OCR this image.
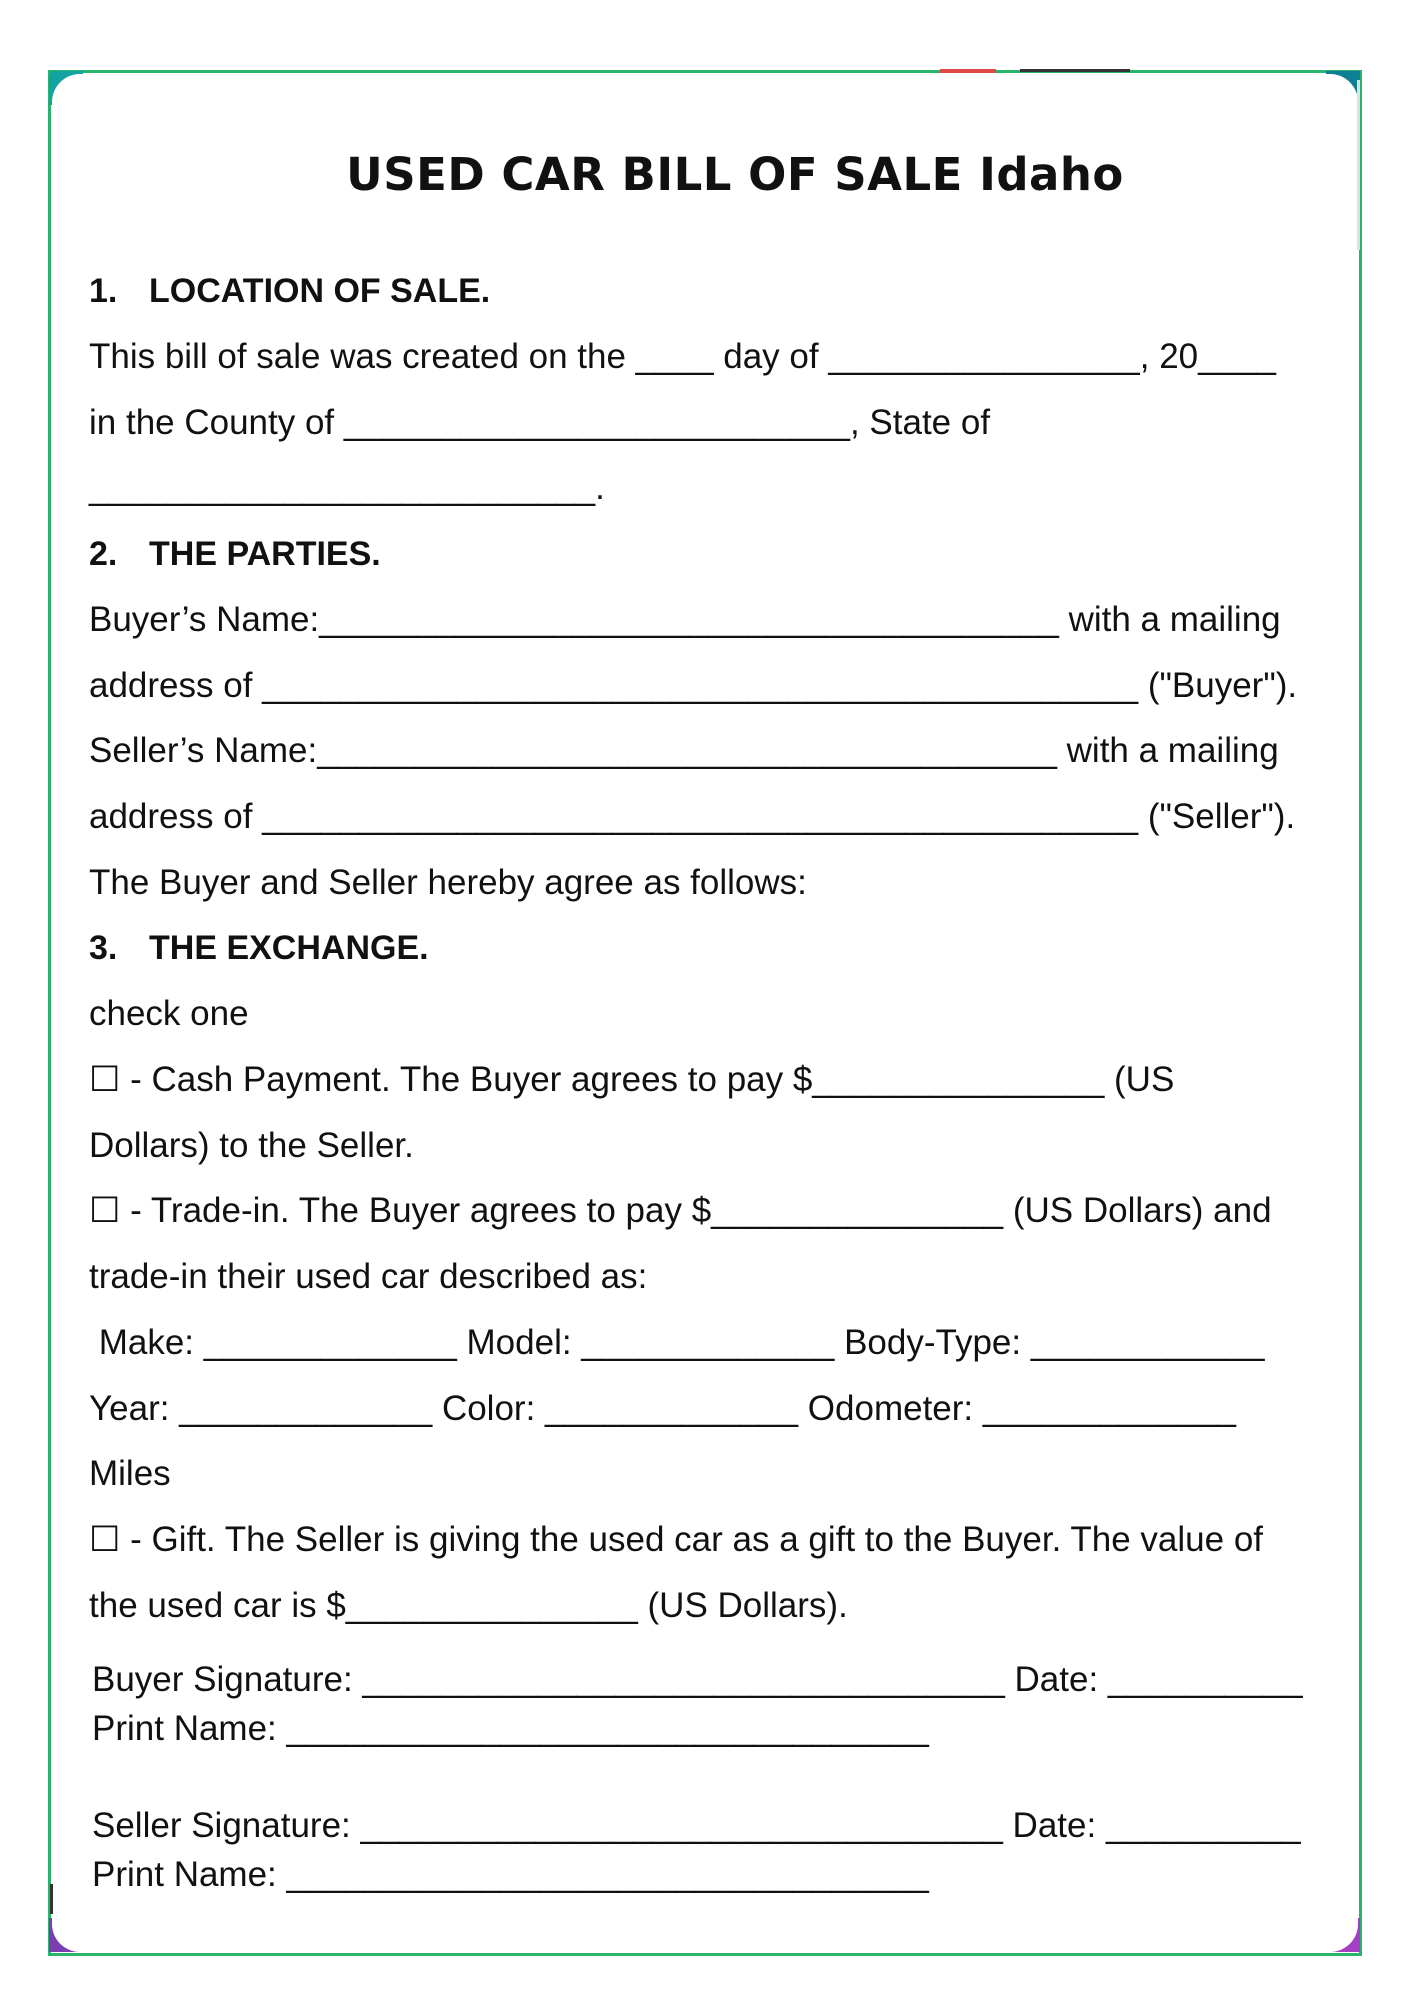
USED CAR BILL OF SALE Idaho
1. LOCATION OF SALE.
This bill of sale was created on the ____ day of ________________, 20____
in the County of __________________________, State of
__________________________.
2. THE PARTIES.
Buyer’s Name:______________________________________ with a mailing
address of _____________________________________________ ("Buyer").
Seller’s Name:______________________________________ with a mailing
address of _____________________________________________ ("Seller").
The Buyer and Seller hereby agree as follows:
3. THE EXCHANGE.
check one
☐ - Cash Payment. The Buyer agrees to pay $_______________ (US
Dollars) to the Seller.
☐ - Trade-in. The Buyer agrees to pay $_______________ (US Dollars) and
trade-in their used car described as:
Make: _____________ Model: _____________ Body-Type: ____________
Year: _____________ Color: _____________ Odometer: _____________
Miles
☐ - Gift. The Seller is giving the used car as a gift to the Buyer. The value of
the used car is $_______________ (US Dollars).
Buyer Signature: _________________________________ Date: __________
Print Name: _________________________________
Seller Signature: _________________________________ Date: __________
Print Name: _________________________________
